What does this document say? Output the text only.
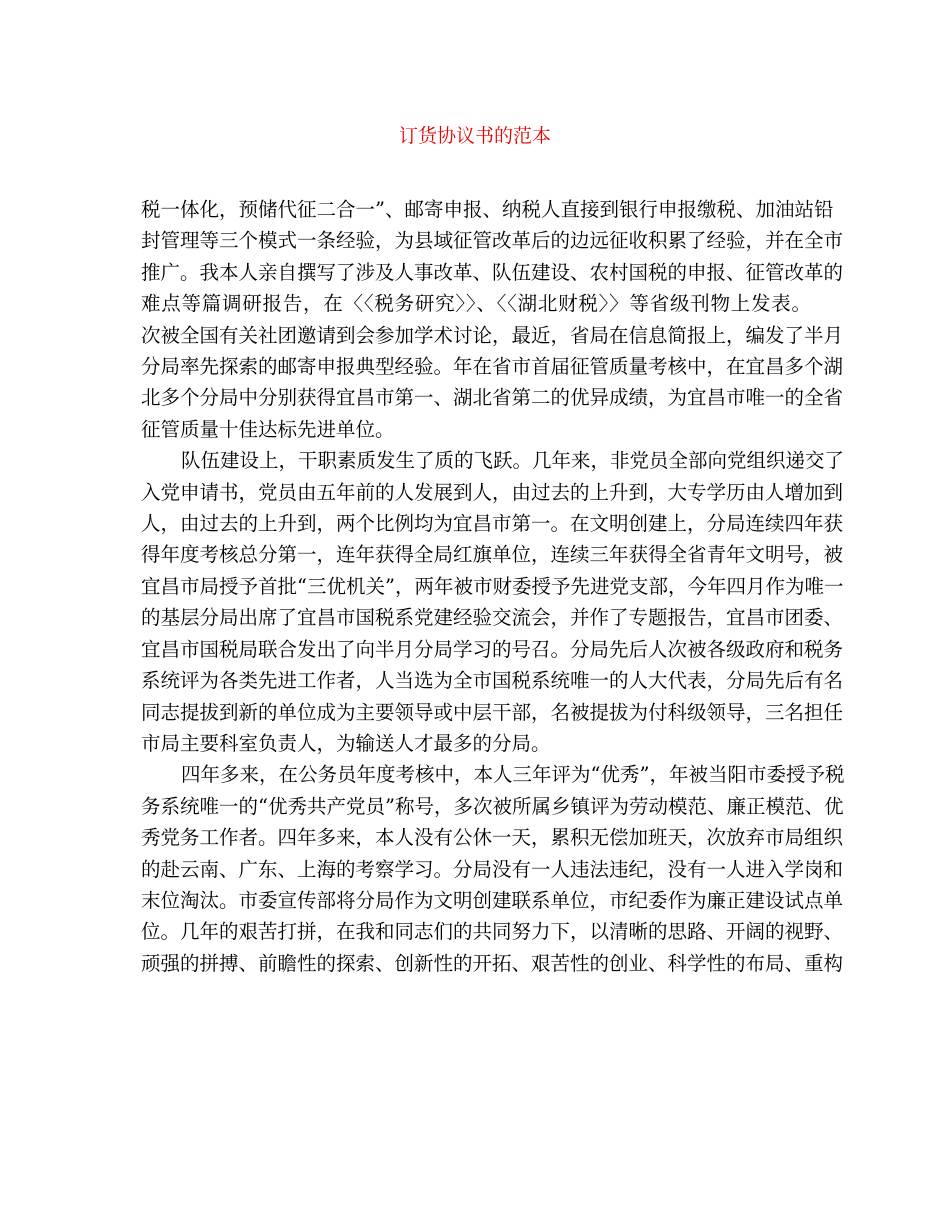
订货协议书的范本
税一体化，预储代征二合一”、邮寄申报、纳税人直接到银行申报缴税、加油站铅
封管理等三个模式一条经验，为县域征管改革后的边远征收积累了经验，并在全市
推广。我本人亲自撰写了涉及人事改革、队伍建设、农村国税的申报、征管改革的
难点等篇调研报告，在〈〈税务研究〉〉、〈〈湖北财税〉〉等省级刊物上发表。
次被全国有关社团邀请到会参加学术讨论，最近，省局在信息简报上，编发了半月
分局率先探索的邮寄申报典型经验。年在省市首届征管质量考核中，在宜昌多个湖
北多个分局中分别获得宜昌市第一、湖北省第二的优异成绩，为宜昌市唯一的全省
征管质量十佳达标先进单位。
队伍建设上，干职素质发生了质的飞跃。几年来，非党员全部向党组织递交了
入党申请书，党员由五年前的人发展到人，由过去的上升到，大专学历由人增加到
人，由过去的上升到，两个比例均为宜昌市第一。在文明创建上，分局连续四年获
得年度考核总分第一，连年获得全局红旗单位，连续三年获得全省青年文明号，被
宜昌市局授予首批“三优机关”，两年被市财委授予先进党支部，今年四月作为唯一
的基层分局出席了宜昌市国税系党建经验交流会，并作了专题报告，宜昌市团委、
宜昌市国税局联合发出了向半月分局学习的号召。分局先后人次被各级政府和税务
系统评为各类先进工作者，人当选为全市国税系统唯一的人大代表，分局先后有名
同志提拔到新的单位成为主要领导或中层干部，名被提拔为付科级领导，三名担任
市局主要科室负责人，为输送人才最多的分局。
四年多来，在公务员年度考核中，本人三年评为“优秀”，年被当阳市委授予税
务系统唯一的“优秀共产党员”称号，多次被所属乡镇评为劳动模范、廉正模范、优
秀党务工作者。四年多来，本人没有公休一天，累积无偿加班天，次放弃市局组织
的赴云南、广东、上海的考察学习。分局没有一人违法违纪，没有一人进入学岗和
末位淘汰。市委宣传部将分局作为文明创建联系单位，市纪委作为廉正建设试点单
位。几年的艰苦打拼，在我和同志们的共同努力下，以清晰的思路、开阔的视野、
顽强的拼搏、前瞻性的探索、创新性的开拓、艰苦性的创业、科学性的布局、重构
